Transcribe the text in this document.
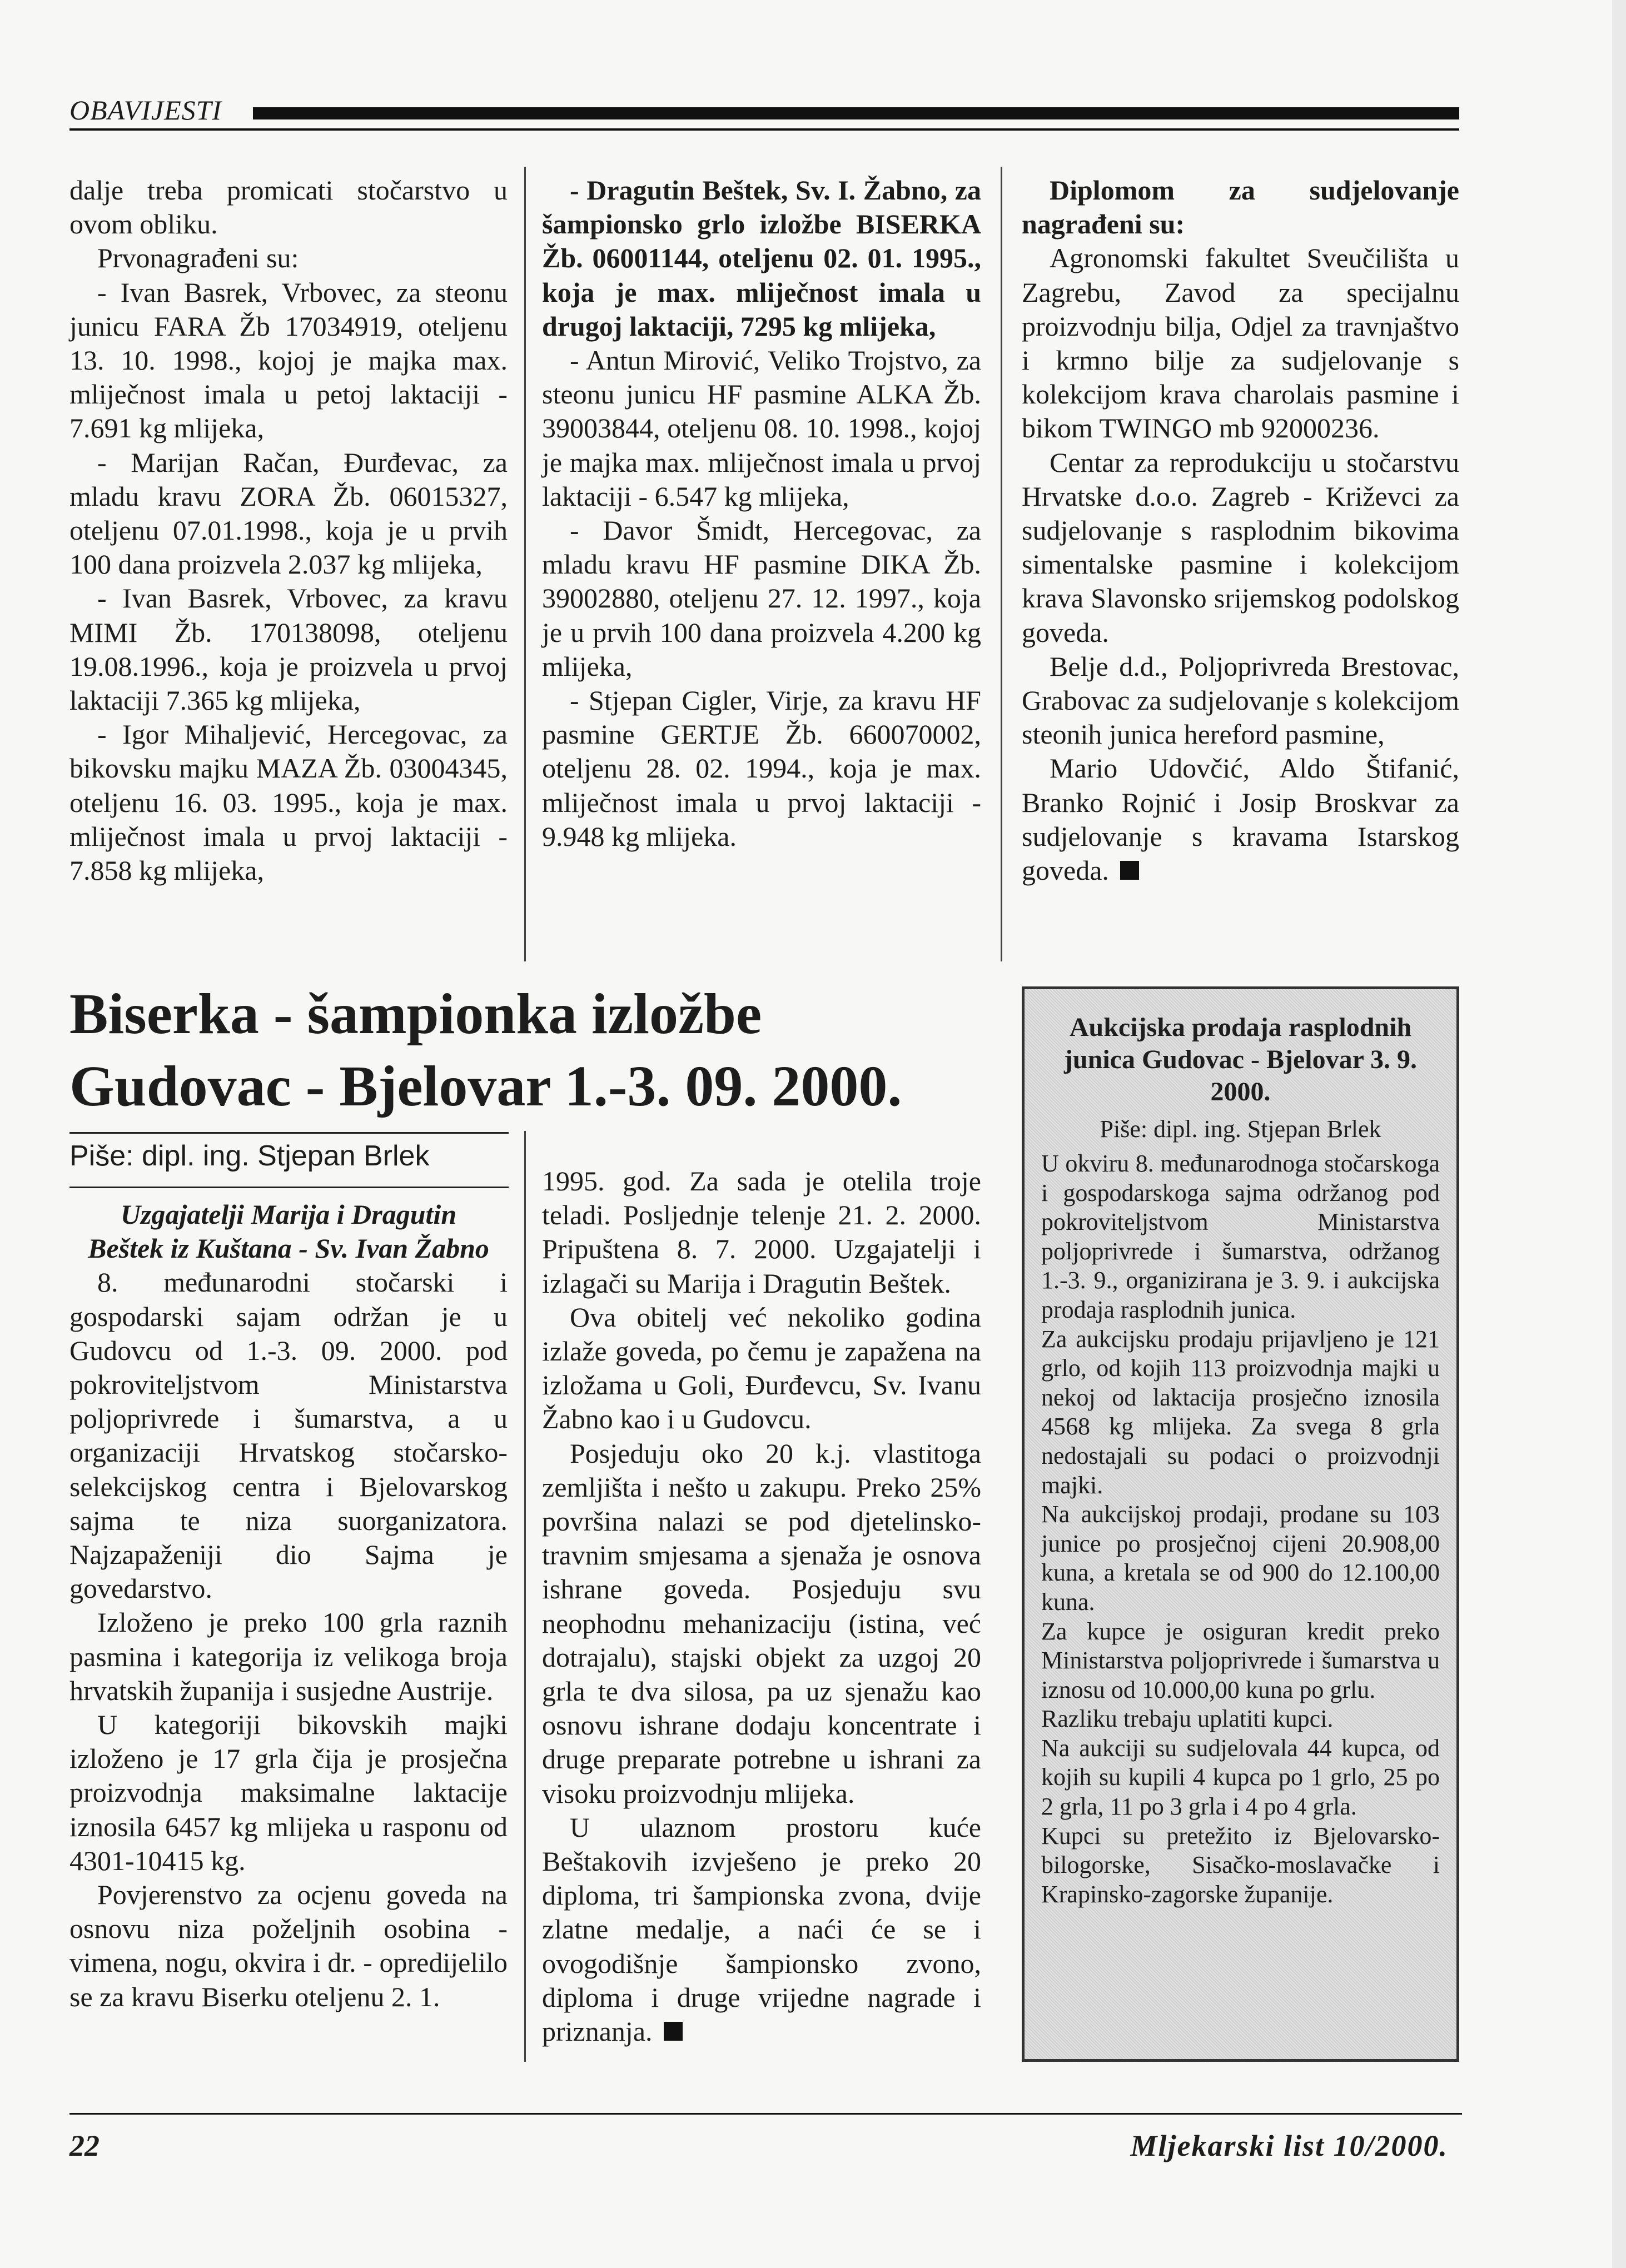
OBAVIJESTI

dalje treba promicati stočarstvo u ovom obliku.

Prvonagrađeni su:

- Ivan Basrek, Vrbovec, za steonu junicu FARA Žb 17034919, oteljenu 13. 10. 1998., kojoj je majka max. mliječnost imala u petoj laktaciji - 7.691 kg mlijeka,

- Marijan Račan, Đurđevac, za mladu kravu ZORA Žb. 06015327, oteljenu 07.01.1998., koja je u prvih 100 dana proizvela 2.037 kg mlijeka,

- Ivan Basrek, Vrbovec, za kravu MIMI Žb. 170138098, oteljenu 19.08.1996., koja je proizvela u prvoj laktaciji 7.365 kg mlijeka,

- Igor Mihaljević, Hercegovac, za bikovsku majku MAZA Žb. 03004345, oteljenu 16. 03. 1995., koja je max. mliječnost imala u prvoj laktaciji - 7.858 kg mlijeka,

- Dragutin Beštek, Sv. I. Žabno, za šampionsko grlo izložbe BISERKA Žb. 06001144, oteljenu 02. 01. 1995., koja je max. mliječnost imala u drugoj laktaciji, 7295 kg mlijeka,

- Antun Mirović, Veliko Trojstvo, za steonu junicu HF pasmine ALKA Žb. 39003844, oteljenu 08. 10. 1998., kojoj je majka max. mliječnost imala u prvoj laktaciji - 6.547 kg mlijeka,

- Davor Šmidt, Hercegovac, za mladu kravu HF pasmine DIKA Žb. 39002880, oteljenu 27. 12. 1997., koja je u prvih 100 dana proizvela 4.200 kg mlijeka,

- Stjepan Cigler, Virje, za kravu HF pasmine GERTJE Žb. 660070002, oteljenu 28. 02. 1994., koja je max. mliječnost imala u prvoj laktaciji - 9.948 kg mlijeka.

Diplomom za sudjelovanje nagrađeni su:

Agronomski fakultet Sveučilišta u Zagrebu, Zavod za specijalnu proizvodnju bilja, Odjel za travnjaštvo i krmno bilje za sudjelovanje s kolekcijom krava charolais pasmine i bikom TWINGO mb 92000236.

Centar za reprodukciju u stočarstvu Hrvatske d.o.o. Zagreb - Križevci za sudjelovanje s rasplodnim bikovima simentalske pasmine i kolekcijom krava Slavonsko srijemskog podolskog goveda.

Belje d.d., Poljoprivreda Brestovac, Grabovac za sudjelovanje s kolekcijom steonih junica hereford pasmine,

Mario Udovčić, Aldo Štifanić, Branko Rojnić i Josip Broskvar za sudjelovanje s kravama Istarskog goveda.

Biserka - šampionka izložbe Gudovac - Bjelovar 1.-3. 09. 2000.
Piše: dipl. ing. Stjepan Brlek

Uzgajatelji Marija i Dragutin

Beštek iz Kuštana - Sv. Ivan Žabno

8. međunarodni stočarski i gospodarski sajam održan je u Gudovcu od 1.-3. 09. 2000. pod pokroviteljstvom Ministarstva poljoprivrede i šumarstva, a u organizaciji Hrvatskog stočarsko-selekcijskog centra i Bjelovarskog sajma te niza suorganizatora. Najzapaženiji dio Sajma je govedarstvo.

Izloženo je preko 100 grla raznih pasmina i kategorija iz velikoga broja hrvatskih županija i susjedne Austrije.

U kategoriji bikovskih majki izloženo je 17 grla čija je prosječna proizvodnja maksimalne laktacije iznosila 6457 kg mlijeka u rasponu od 4301-10415 kg.

Povjerenstvo za ocjenu goveda na osnovu niza poželjnih osobina - vimena, nogu, okvira i dr. - opredijelilo se za kravu Biserku oteljenu 2. 1.

1995. god. Za sada je otelila troje teladi. Posljednje telenje 21. 2. 2000. Pripuštena 8. 7. 2000. Uzgajatelji i izlagači su Marija i Dragutin Beštek.

Ova obitelj već nekoliko godina izlaže goveda, po čemu je zapažena na izložama u Goli, Đurđevcu, Sv. Ivanu Žabno kao i u Gudovcu.

Posjeduju oko 20 k.j. vlastitoga zemljišta i nešto u zakupu. Preko 25% površina nalazi se pod djetelinsko-travnim smjesama a sjenaža je osnova ishrane goveda. Posjeduju svu neophodnu mehanizaciju (istina, već dotrajalu), stajski objekt za uzgoj 20 grla te dva silosa, pa uz sjenažu kao osnovu ishrane dodaju koncentrate i druge preparate potrebne u ishrani za visoku proizvodnju mlijeka.

U ulaznom prostoru kuće Beštakovih izvješeno je preko 20 diploma, tri šampionska zvona, dvije zlatne medalje, a naći će se i ovogodišnje šampionsko zvono, diploma i druge vrijedne nagrade i priznanja.

Aukcijska prodaja rasplodnih junica Gudovac - Bjelovar 3. 9. 2000.
Piše: dipl. ing. Stjepan Brlek

U okviru 8. međunarodnoga stočarskoga i gospodarskoga sajma održanog pod pokroviteljstvom Ministarstva poljoprivrede i šumarstva, održanog 1.-3. 9., organizirana je 3. 9. i aukcijska prodaja rasplodnih junica.

Za aukcijsku prodaju prijavljeno je 121 grlo, od kojih 113 proizvodnja majki u nekoj od laktacija prosječno iznosila 4568 kg mlijeka. Za svega 8 grla nedostajali su podaci o proizvodnji majki.

Na aukcijskoj prodaji, prodane su 103 junice po prosječnoj cijeni 20.908,00 kuna, a kretala se od 900 do 12.100,00 kuna.

Za kupce je osiguran kredit preko Ministarstva poljoprivrede i šumarstva u iznosu od 10.000,00 kuna po grlu.

Razliku trebaju uplatiti kupci.

Na aukciji su sudjelovala 44 kupca, od kojih su kupili 4 kupca po 1 grlo, 25 po 2 grla, 11 po 3 grla i 4 po 4 grla.

Kupci su pretežito iz Bjelovarsko-bilogorske, Sisačko-moslavačke i Krapinsko-zagorske županije.

22	Mljekarski list 10/2000.
